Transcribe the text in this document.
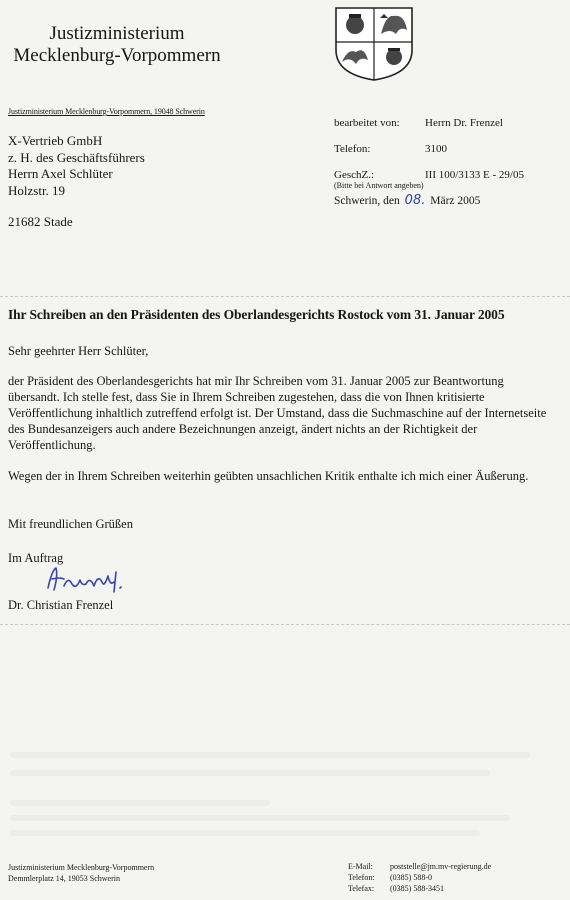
Justizministerium
Mecklenburg-Vorpommern
Justizministerium Mecklenburg-Vorpommern, 19048 Schwerin
X-Vertrieb GmbH
z. H. des Geschäftsführers
Herrn Axel Schlüter
Holzstr. 19
21682 Stade
bearbeitet von: Herrn Dr. Frenzel
Telefon:	3100
GeschZ.:	III 100/3133 E - 29/05
(Bitte bei Antwort angeben)
Schwerin, den 08. März 2005
Ihr Schreiben an den Präsidenten des Oberlandesgerichts Rostock vom 31. Januar 2005
Sehr geehrter Herr Schlüter,

der Präsident des Oberlandesgerichts hat mir Ihr Schreiben vom 31. Januar 2005 zur Beantwortung übersandt. Ich stelle fest, dass Sie in Ihrem Schreiben zugestehen, dass die von Ihnen kritisierte Veröffentlichung inhaltlich zutreffend erfolgt ist. Der Umstand, dass die Suchmaschine auf der Internetseite des Bundesanzeigers auch andere Bezeichnungen anzeigt, ändert nichts an der Richtigkeit der Veröffentlichung.

Wegen der in Ihrem Schreiben weiterhin geübten unsachlichen Kritik enthalte ich mich einer Äußerung.

Mit freundlichen Grüßen
Im Auftrag
Dr. Christian Frenzel
Justizministerium Mecklenburg-Vorpommern
Demmlerplatz 14, 19053 Schwerin
E-Mail:
Telefon:
Telefax:
poststelle@jm.mv-regierung.de
(0385) 588-0
(0385) 588-3451
